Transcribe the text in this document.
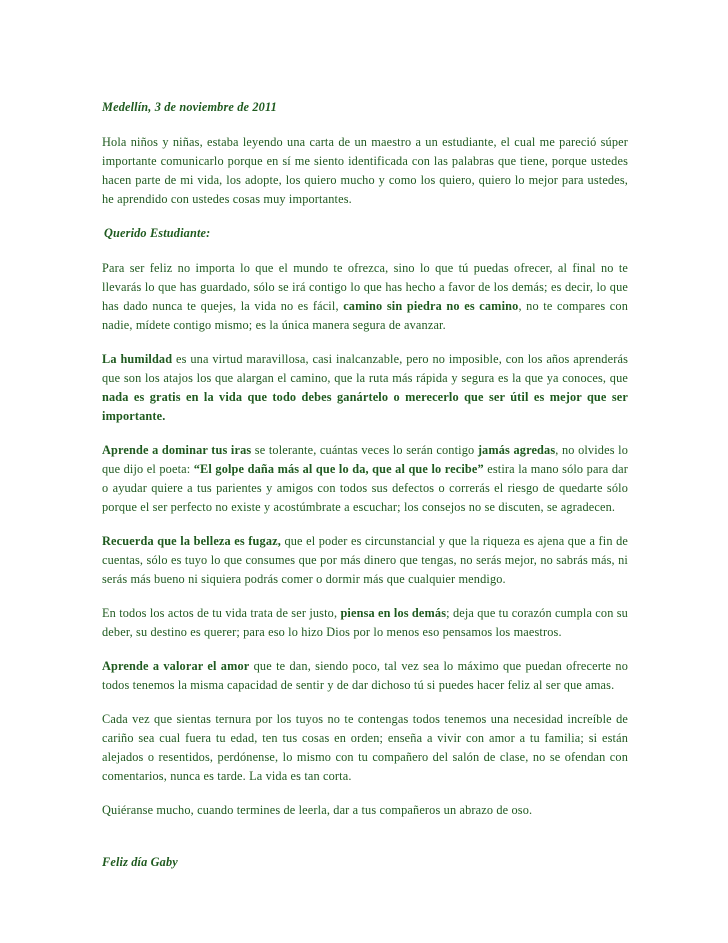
Medellín, 3 de noviembre de 2011

Hola niños y niñas, estaba leyendo una carta de un maestro a un estudiante, el cual me pareció súper importante comunicarlo porque en sí me siento identificada con las palabras que tiene, porque ustedes hacen parte de mi vida, los adopte, los quiero mucho y como los quiero, quiero lo mejor para ustedes, he aprendido con ustedes cosas muy importantes.

Querido Estudiante:

Para ser feliz no importa lo que el mundo te ofrezca, sino lo que tú puedas ofrecer, al final no te llevarás lo que has guardado, sólo se irá contigo lo que has hecho a favor de los demás; es decir, lo que has dado nunca te quejes, la vida no es fácil, camino sin piedra no es camino, no te compares con nadie, mídete contigo mismo; es la única manera segura de avanzar.

La humildad es una virtud maravillosa, casi inalcanzable, pero no imposible, con los años aprenderás que son los atajos los que alargan el camino, que la ruta más rápida y segura es la que ya conoces, que nada es gratis en la vida que todo debes ganártelo o merecerlo que ser útil es mejor que ser importante.

Aprende a dominar tus iras se tolerante, cuántas veces lo serán contigo jamás agredas, no olvides lo que dijo el poeta: “El golpe daña más al que lo da, que al que lo recibe” estira la mano sólo para dar o ayudar quiere a tus parientes y amigos con todos sus defectos o correrás el riesgo de quedarte sólo porque el ser perfecto no existe y acostúmbrate a escuchar; los consejos no se discuten, se agradecen.

Recuerda que la belleza es fugaz, que el poder es circunstancial y que la riqueza es ajena que a fin de cuentas, sólo es tuyo lo que consumes que por más dinero que tengas, no serás mejor, no sabrás más, ni serás más bueno ni siquiera podrás comer o dormir más que cualquier mendigo.

En todos los actos de tu vida trata de ser justo, piensa en los demás; deja que tu corazón cumpla con su deber, su destino es querer; para eso lo hizo Dios por lo menos eso pensamos los maestros.

Aprende a valorar el amor que te dan, siendo poco, tal vez sea lo máximo que puedan ofrecerte no todos tenemos la misma capacidad de sentir y de dar dichoso tú si puedes hacer feliz al ser que amas.

Cada vez que sientas ternura por los tuyos no te contengas todos tenemos una necesidad increíble de cariño sea cual fuera tu edad, ten tus cosas en orden; enseña a vivir con amor a tu familia; si están alejados o resentidos, perdónense, lo mismo con tu compañero del salón de clase, no se ofendan con comentarios, nunca es tarde. La vida es tan corta.

Quiéranse mucho, cuando termines de leerla, dar a tus compañeros un abrazo de oso.

Feliz día Gaby
